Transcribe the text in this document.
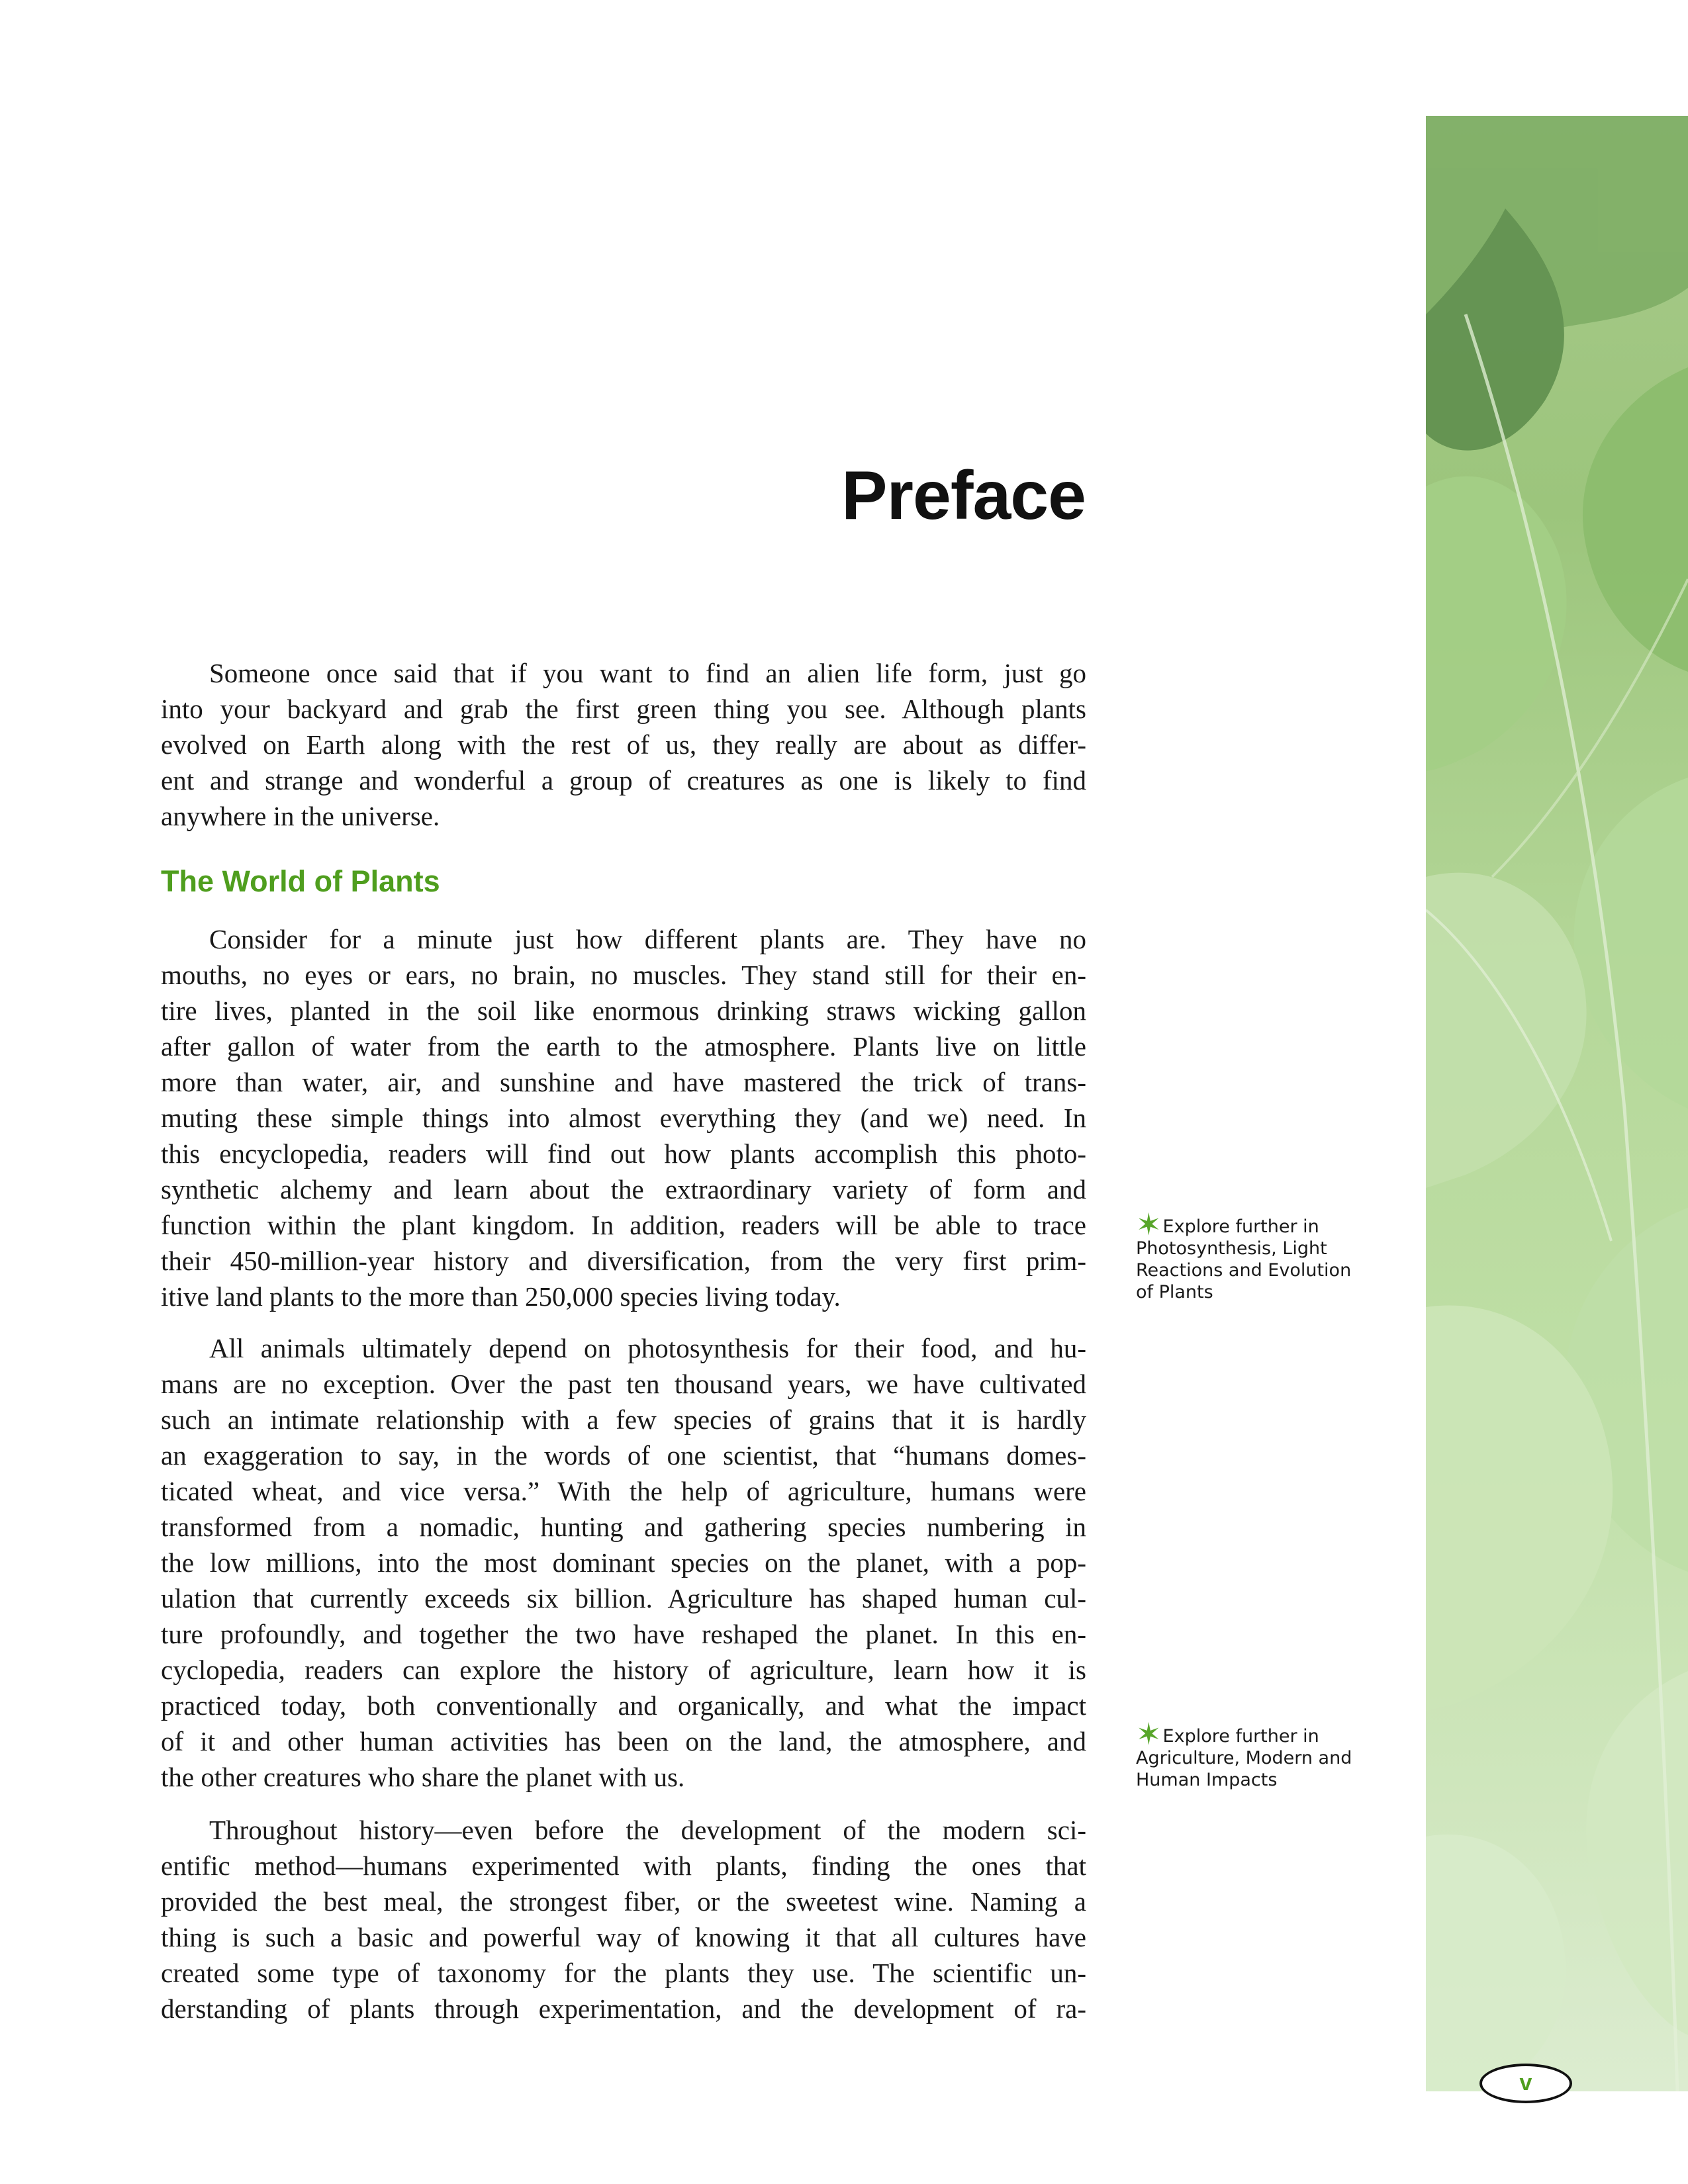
Preface
Someone once said that if you want to find an alien life form, just go
into your backyard and grab the first green thing you see. Although plants
evolved on Earth along with the rest of us, they really are about as differ-
ent and strange and wonderful a group of creatures as one is likely to find
anywhere in the universe.
The World of Plants
Consider for a minute just how different plants are. They have no
mouths, no eyes or ears, no brain, no muscles. They stand still for their en-
tire lives, planted in the soil like enormous drinking straws wicking gallon
after gallon of water from the earth to the atmosphere. Plants live on little
more than water, air, and sunshine and have mastered the trick of trans-
muting these simple things into almost everything they (and we) need. In
this encyclopedia, readers will find out how plants accomplish this photo-
synthetic alchemy and learn about the extraordinary variety of form and
function within the plant kingdom. In addition, readers will be able to trace
their 450-million-year history and diversification, from the very first prim-
itive land plants to the more than 250,000 species living today.
All animals ultimately depend on photosynthesis for their food, and hu-
mans are no exception. Over the past ten thousand years, we have cultivated
such an intimate relationship with a few species of grains that it is hardly
an exaggeration to say, in the words of one scientist, that “humans domes-
ticated wheat, and vice versa.” With the help of agriculture, humans were
transformed from a nomadic, hunting and gathering species numbering in
the low millions, into the most dominant species on the planet, with a pop-
ulation that currently exceeds six billion. Agriculture has shaped human cul-
ture profoundly, and together the two have reshaped the planet. In this en-
cyclopedia, readers can explore the history of agriculture, learn how it is
practiced today, both conventionally and organically, and what the impact
of it and other human activities has been on the land, the atmosphere, and
the other creatures who share the planet with us.
Throughout history—even before the development of the modern sci-
entific method—humans experimented with plants, finding the ones that
provided the best meal, the strongest fiber, or the sweetest wine. Naming a
thing is such a basic and powerful way of knowing it that all cultures have
created some type of taxonomy for the plants they use. The scientific un-
derstanding of plants through experimentation, and the development of ra-
✶Explore further in
Photosynthesis, Light
Reactions and Evolution
of Plants
✶Explore further in
Agriculture, Modern and
Human Impacts
v
